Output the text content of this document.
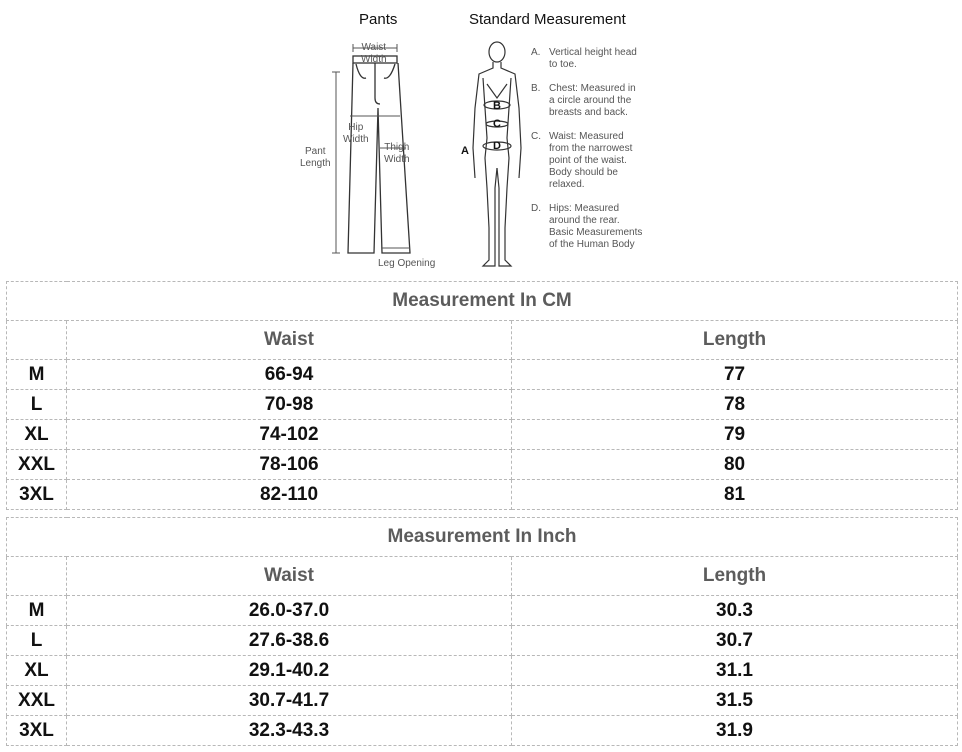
Pants	Standard Measurement
Waist
Width
Hip
Width
Pant
Length
Thigh
Width
Leg Opening
A
B
C
D
A. Vertical height head
to toe.
B. Chest: Measured in
a circle around the
breasts and back.
C. Waist: Measured
from the narrowest
point of the waist.
Body should be
relaxed.
D. Hips: Measured
around the rear.
Basic Measurements
of the Human Body
Measurement In CM		
	Waist	Length
M	66-94	77
L	70-98	78
XL	74-102	79
XXL	78-106	80
3XL	82-110	81
Measurement In Inch		
	Waist	Length
M	26.0-37.0	30.3
L	27.6-38.6	30.7
XL	29.1-40.2	31.1
XXL	30.7-41.7	31.5
3XL	32.3-43.3	31.9
